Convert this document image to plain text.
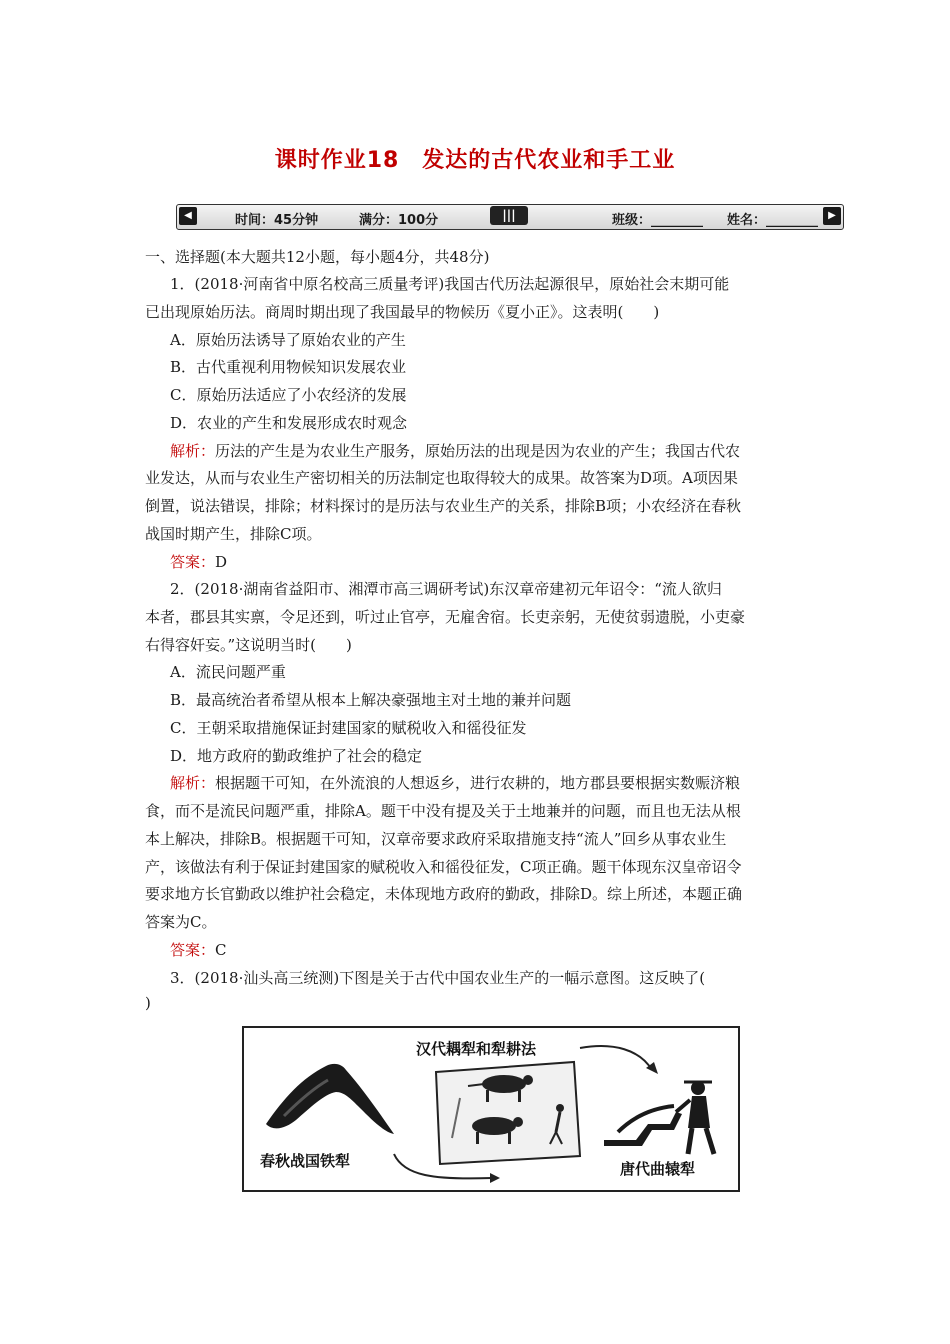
课时作业18　发达的古代农业和手工业
◀	时间：45分钟	满分：100分	|||	班级：________ 姓名：________	▶
一、选择题(本大题共12小题，每小题4分，共48分)
1．(2018·河南省中原名校高三质量考评)我国古代历法起源很早，原始社会末期可能
已出现原始历法。商周时期出现了我国最早的物候历《夏小正》。这表明(　　)
A．原始历法诱导了原始农业的产生
B．古代重视利用物候知识发展农业
C．原始历法适应了小农经济的发展
D．农业的产生和发展形成农时观念
解析：历法的产生是为农业生产服务，原始历法的出现是因为农业的产生；我国古代农
业发达，从而与农业生产密切相关的历法制定也取得较大的成果。故答案为D项。A项因果
倒置，说法错误，排除；材料探讨的是历法与农业生产的关系，排除B项；小农经济在春秋
战国时期产生，排除C项。
答案：D
2．(2018·湖南省益阳市、湘潭市高三调研考试)东汉章帝建初元年诏令：“流人欲归
本者，郡县其实禀，令足还到，听过止官亭，无雇舍宿。长吏亲躬，无使贫弱遗脱，小吏豪
右得容奸妄。”这说明当时(　　)
A．流民问题严重
B．最高统治者希望从根本上解决豪强地主对土地的兼并问题
C．王朝采取措施保证封建国家的赋税收入和徭役征发
D．地方政府的勤政维护了社会的稳定
解析：根据题干可知，在外流浪的人想返乡，进行农耕的，地方郡县要根据实数赈济粮
食，而不是流民问题严重，排除A。题干中没有提及关于土地兼并的问题，而且也无法从根
本上解决，排除B。根据题干可知，汉章帝要求政府采取措施支持“流人”回乡从事农业生
产，该做法有利于保证封建国家的赋税收入和徭役征发，C项正确。题干体现东汉皇帝诏令
要求地方长官勤政以维护社会稳定，未体现地方政府的勤政，排除D。综上所述，本题正确
答案为C。
答案：C
3．(2018·汕头高三统测)下图是关于古代中国农业生产的一幅示意图。这反映了(
)
汉代耦犁和犁耕法
春秋战国铁犁	唐代曲辕犁
